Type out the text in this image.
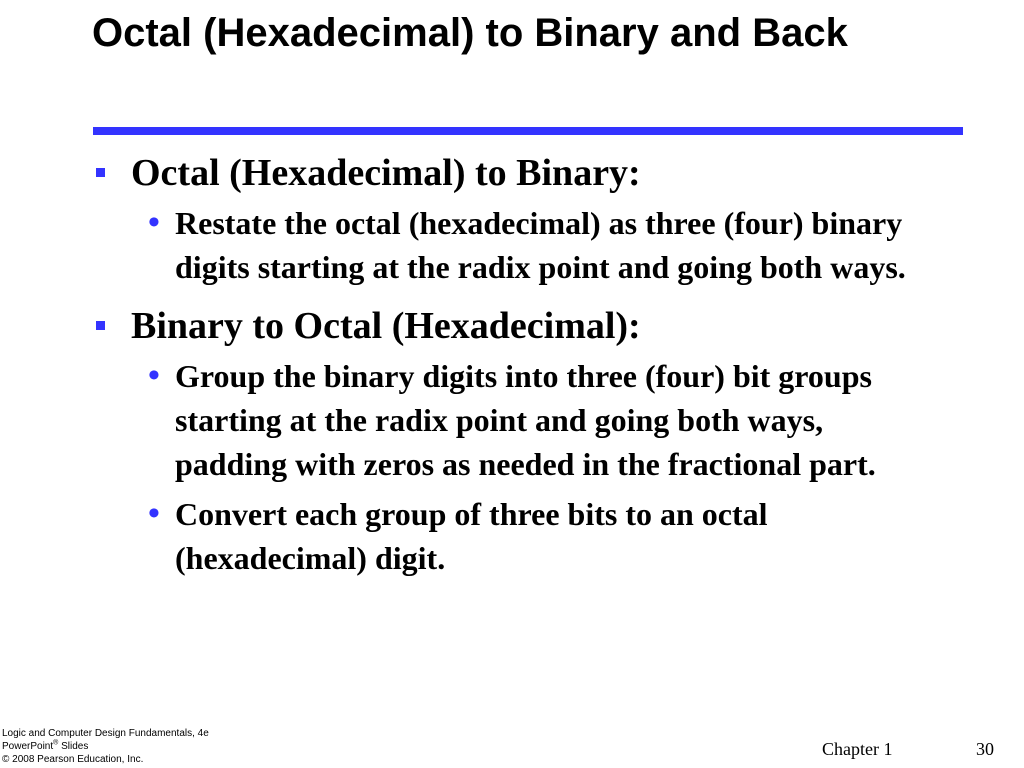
Octal (Hexadecimal) to Binary and Back
Octal (Hexadecimal) to Binary:
• Restate the octal (hexadecimal) as three (four) binary digits starting at the radix point and going both ways.
Binary to Octal (Hexadecimal):
• Group the binary digits into three (four) bit groups starting at the radix point and going both ways, padding with zeros as needed in the fractional part.
• Convert each group of three bits to an octal (hexadecimal) digit.
Logic and Computer Design Fundamentals, 4e
PowerPoint® Slides
© 2008 Pearson Education, Inc.
Chapter 1	30
